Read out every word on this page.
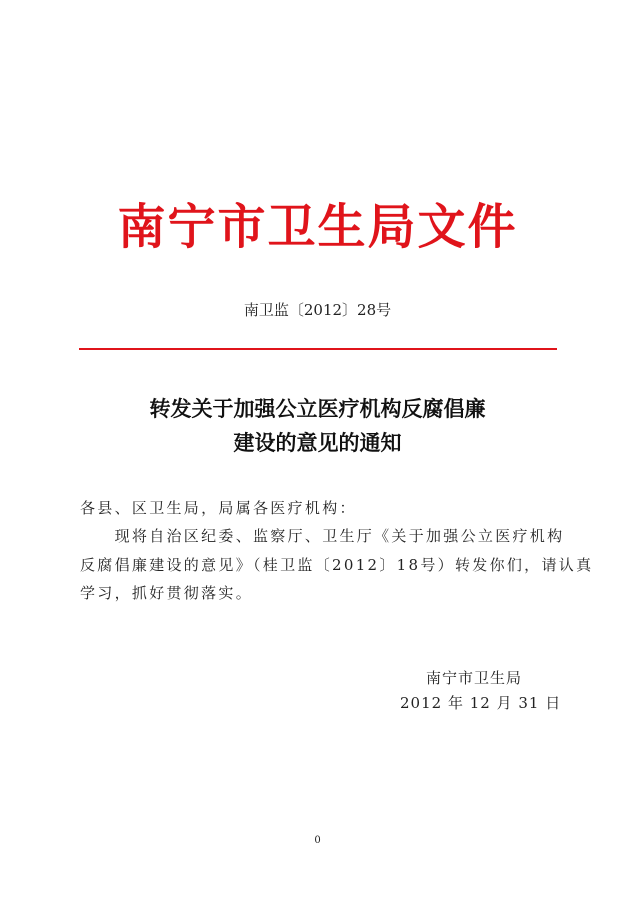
南宁市卫生局文件
南卫监〔2012〕28号
转发关于加强公立医疗机构反腐倡廉
建设的意见的通知
各县、区卫生局，局属各医疗机构：
　　现将自治区纪委、监察厅、卫生厅《关于加强公立医疗机构
反腐倡廉建设的意见》（桂卫监〔2012〕18号）转发你们，请认真
学习，抓好贯彻落实。
南宁市卫生局
2012 年 12 月 31 日
0
